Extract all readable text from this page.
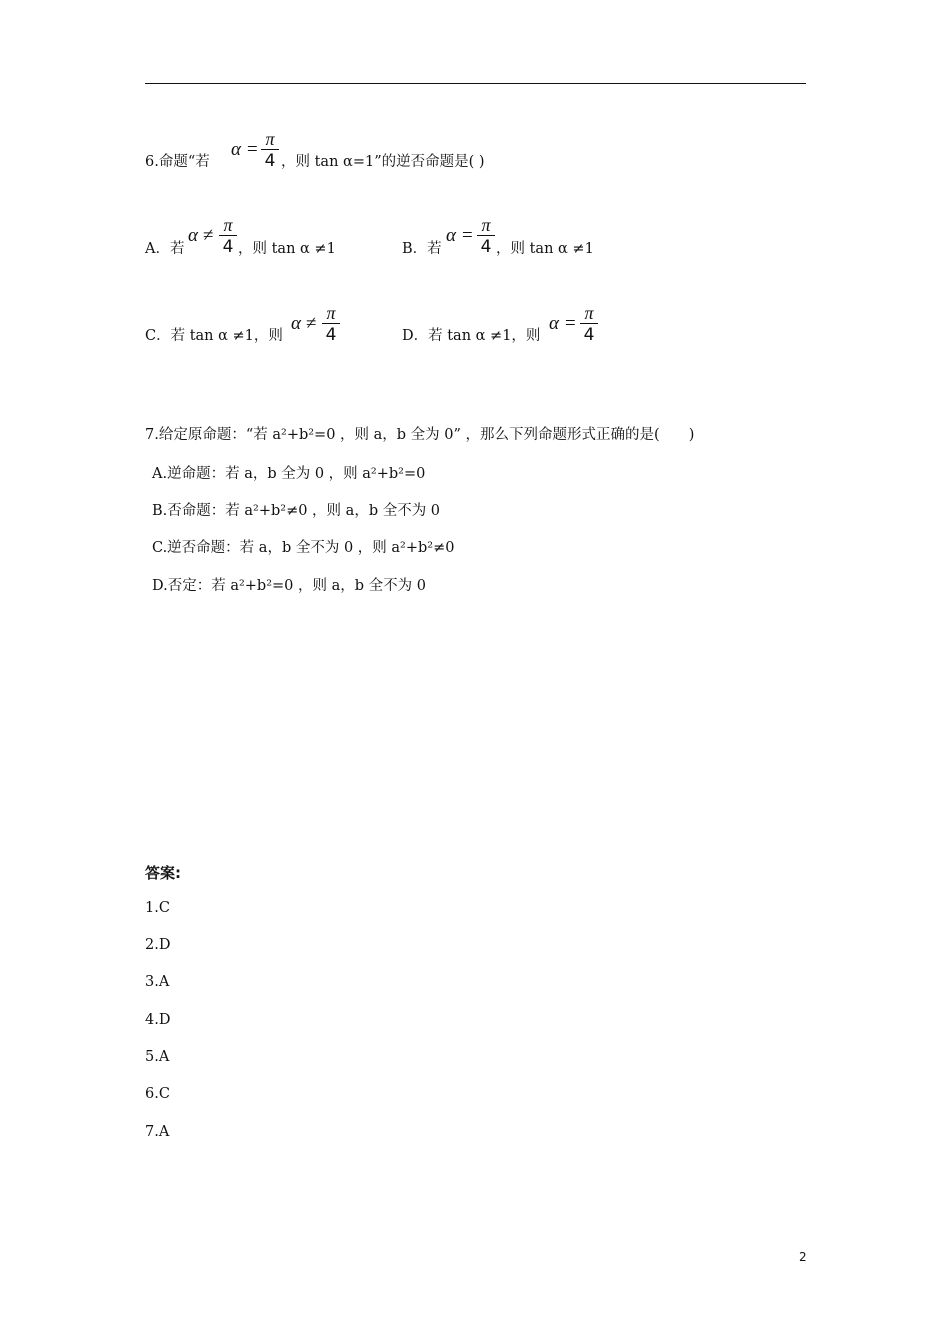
6.命题“若
α = π
4 ，则 tan α=1”的逆否命题是( )
A．若
α ≠ π
4 ，则 tan α ≠1	B．若
α = π
4 ，则 tan α ≠1
C．若 tan α ≠1，则
α ≠ π
4	D．若 tan α ≠1，则
α = π
4
7.给定原命题：“若 a²+b²=0 ，则 a，b 全为 0” ，那么下列命题形式正确的是(　　)
A.逆命题：若 a，b 全为 0 ，则 a²+b²=0
B.否命题：若 a²+b²≠0 ，则 a，b 全不为 0
C.逆否命题：若 a，b 全不为 0 ，则 a²+b²≠0
D.否定：若 a²+b²=0 ，则 a，b 全不为 0
答案:
1.C
2.D
3.A
4.D
5.A
6.C
7.A
2
